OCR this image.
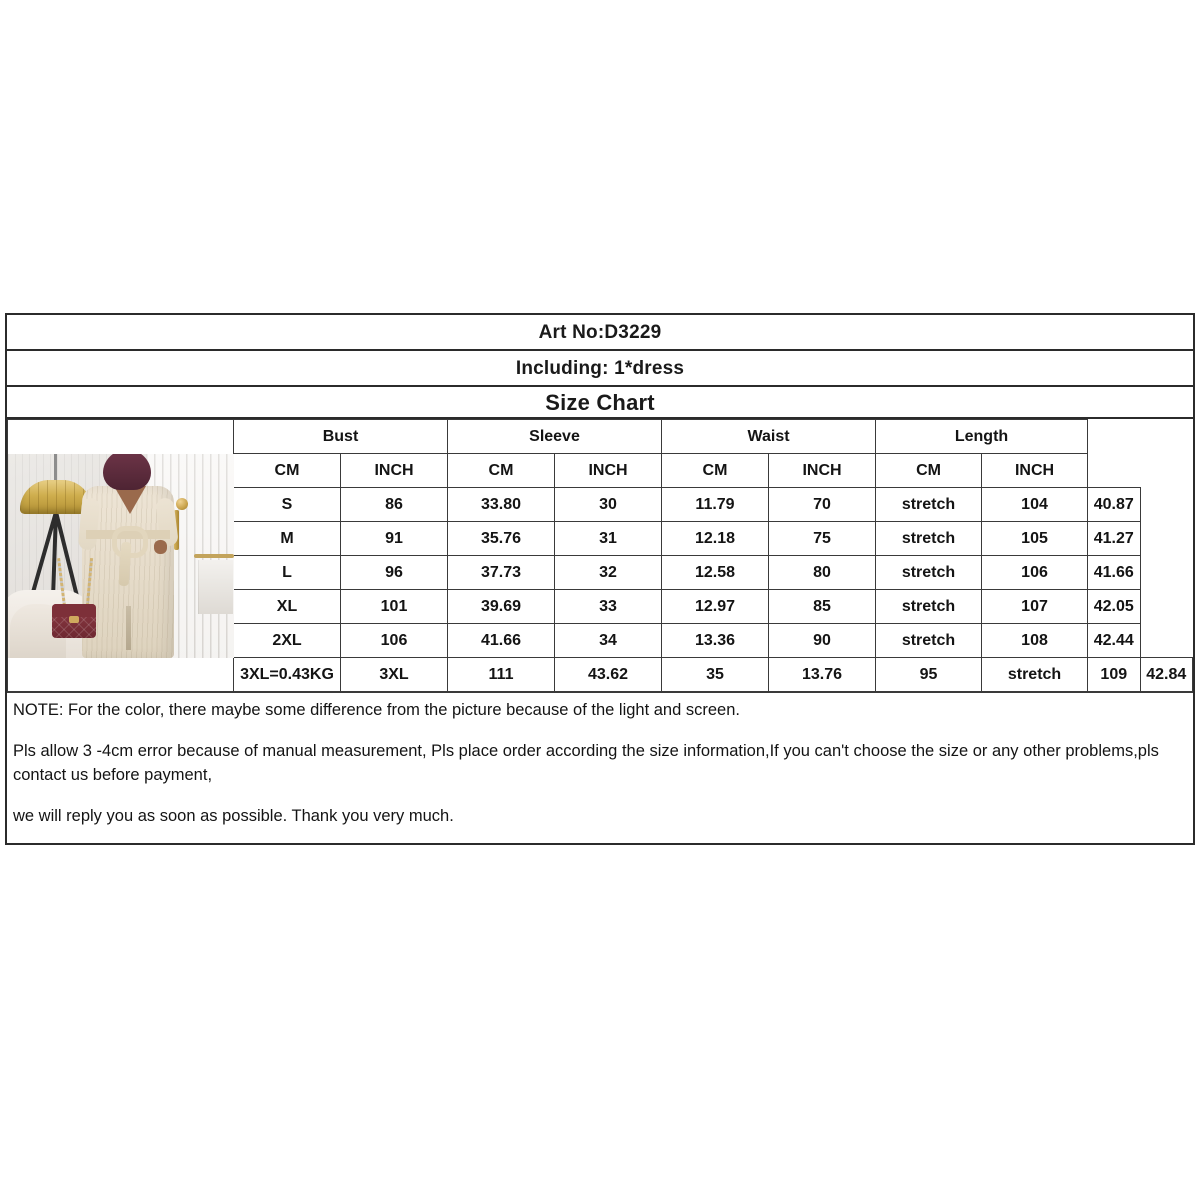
Art No:D3229
Including: 1*dress
Size Chart
	Bust		Sleeve		Waist		Length			
	CM	INCH	CM	INCH	CM	INCH	CM	INCH		
	S	86	33.80	30	11.79	70	stretch	104	40.87	
	M	91	35.76	31	12.18	75	stretch	105	41.27	
	L	96	37.73	32	12.58	80	stretch	106	41.66	
	XL	101	39.69	33	12.97	85	stretch	107	42.05	
	2XL	106	41.66	34	13.36	90	stretch	108	42.44	
	3XL=0.43KG	3XL	111	43.62	35	13.76	95	stretch	109	42.84

NOTE: For the color, there maybe some difference from the picture because of the light and screen.

Pls allow 3 -4cm error because of manual measurement, Pls place order according the size information,If you can't choose the size or any other problems,pls contact us before payment,

we will reply you as soon as possible. Thank you very much.
